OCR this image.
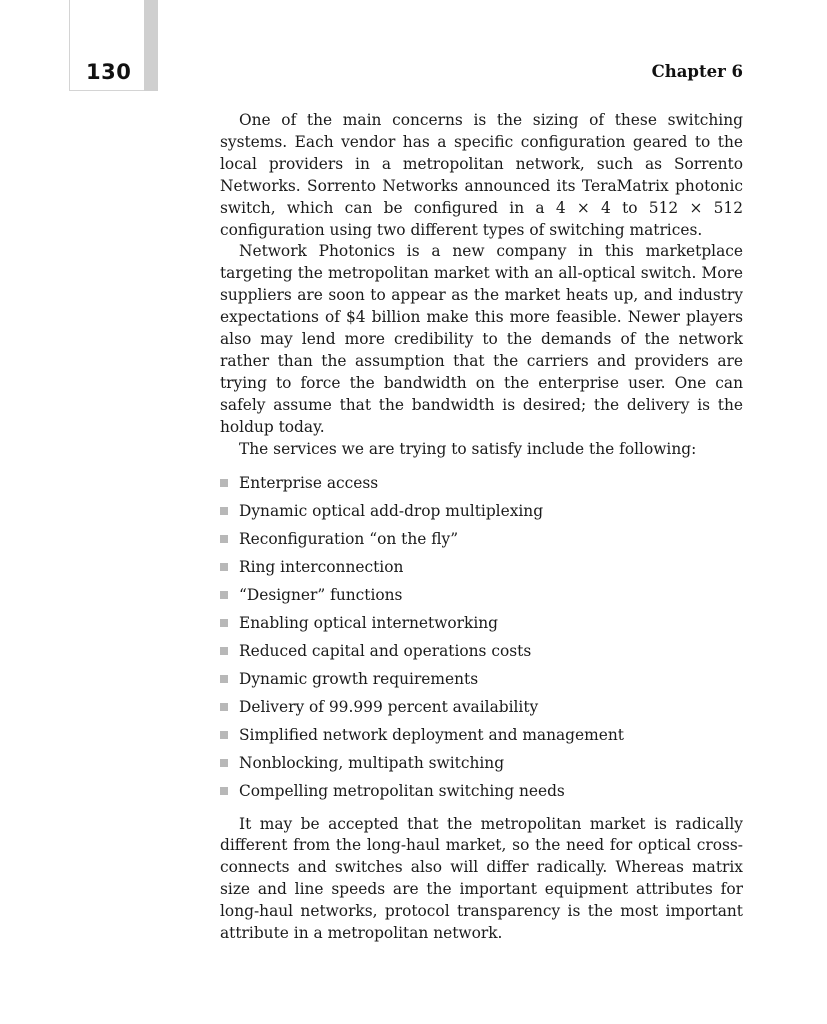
130	Chapter 6

One of the main concerns is the sizing of these switching systems. Each vendor has a specific configuration geared to the local providers in a metropolitan network, such as Sorrento Networks. Sorrento Networks announced its TeraMatrix photonic switch, which can be configured in a 4 × 4 to 512 × 512 configuration using two different types of switching matrices.

Network Photonics is a new company in this marketplace targeting the metropolitan market with an all-optical switch. More suppliers are soon to appear as the market heats up, and industry expectations of $4 billion make this more feasible. Newer players also may lend more credibility to the demands of the network rather than the assumption that the carriers and providers are trying to force the bandwidth on the enterprise user. One can safely assume that the bandwidth is desired; the delivery is the holdup today.

The services we are trying to satisfy include the following:

Enterprise access
Dynamic optical add-drop multiplexing
Reconfiguration “on the fly”
Ring interconnection
“Designer” functions
Enabling optical internetworking
Reduced capital and operations costs
Dynamic growth requirements
Delivery of 99.999 percent availability
Simplified network deployment and management
Nonblocking, multipath switching
Compelling metropolitan switching needs

It may be accepted that the metropolitan market is radically different from the long-haul market, so the need for optical cross-connects and switches also will differ radically. Whereas matrix size and line speeds are the important equipment attributes for long-haul networks, protocol transparency is the most important attribute in a metropolitan network.
